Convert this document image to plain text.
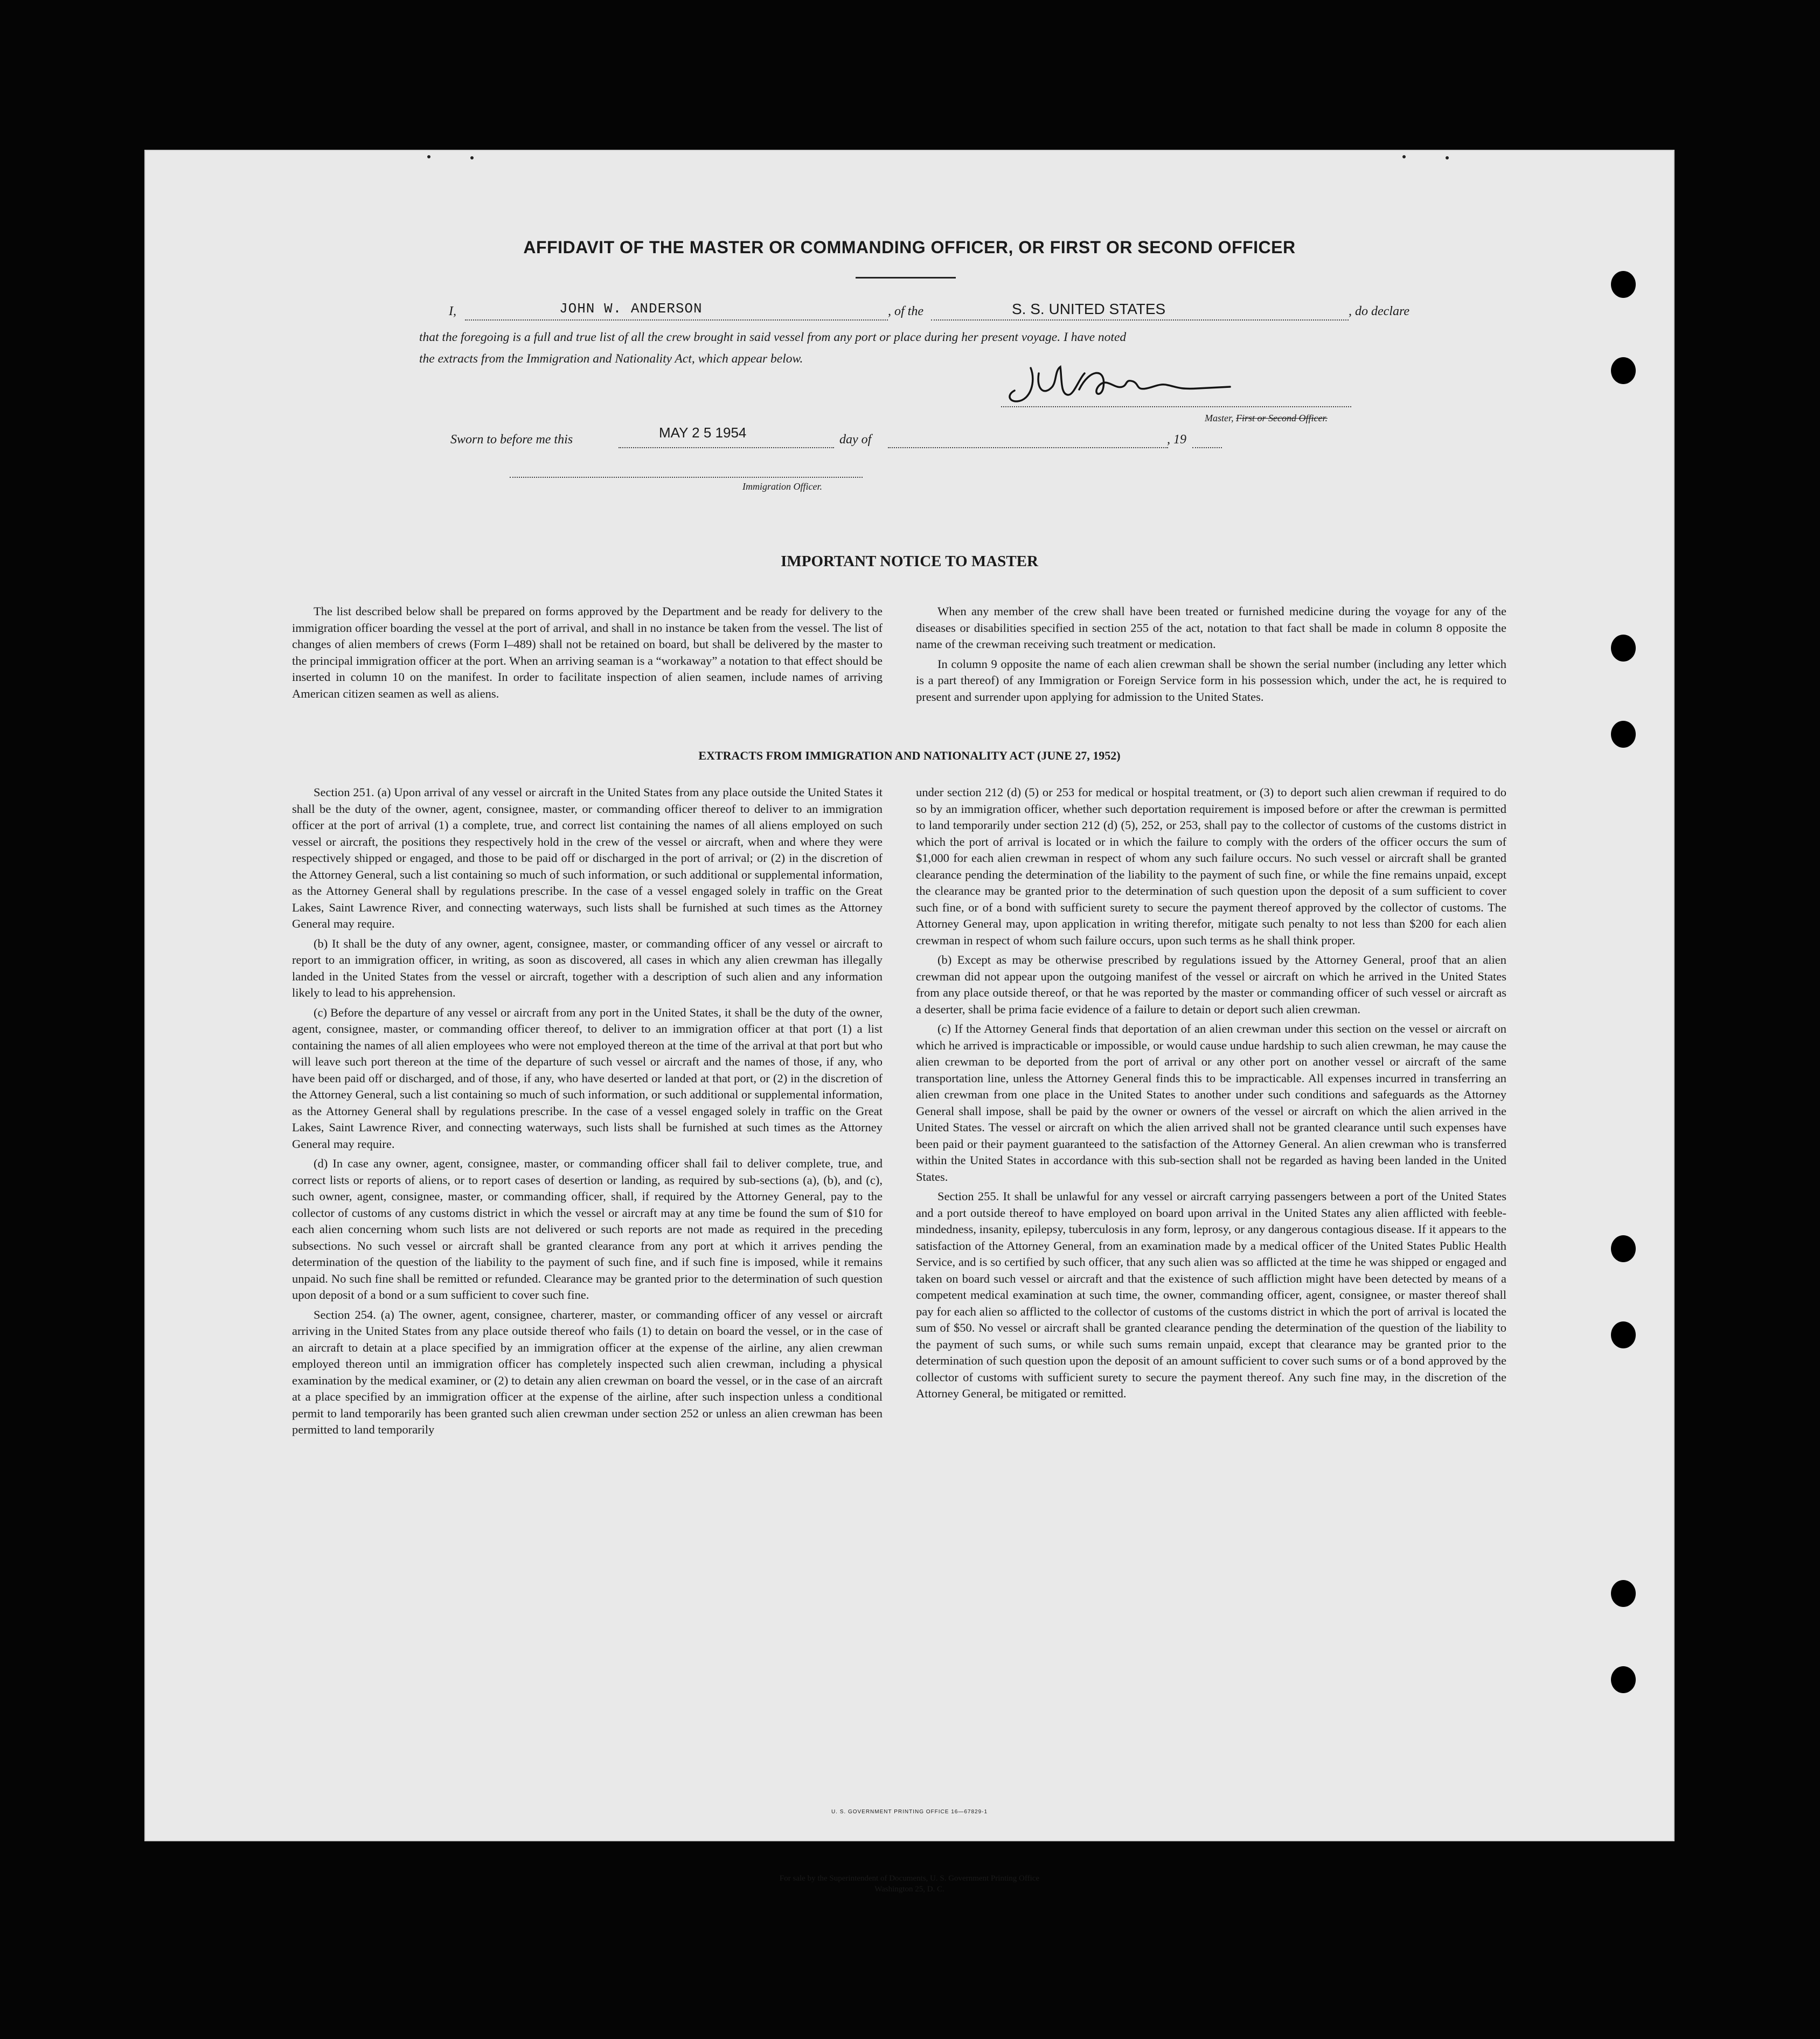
AFFIDAVIT OF THE MASTER OR COMMANDING OFFICER, OR FIRST OR SECOND OFFICER
I,	JOHN W. ANDERSON	, of the	S. S. UNITED STATES	, do declare
that the foregoing is a full and true list of all the crew brought in said vessel from any port or place during her present voyage. I have noted
the extracts from the Immigration and Nationality Act, which appear below.
Master, First or Second Officer.
Sworn to before me this	MAY 2 5 1954	day of	, 19
Immigration Officer.
IMPORTANT NOTICE TO MASTER

The list described below shall be prepared on forms approved by the Department and be ready for delivery to the immigration officer boarding the vessel at the port of arrival, and shall in no instance be taken from the vessel. The list of changes of alien members of crews (Form I–489) shall not be retained on board, but shall be delivered by the master to the principal immigration officer at the port. When an arriving seaman is a “workaway” a notation to that effect should be inserted in column 10 on the manifest. In order to facilitate inspection of alien seamen, include names of arriving American citizen seamen as well as aliens.

When any member of the crew shall have been treated or furnished medicine during the voyage for any of the diseases or disabilities specified in section 255 of the act, notation to that fact shall be made in column 8 opposite the name of the crewman receiving such treatment or medication.

In column 9 opposite the name of each alien crewman shall be shown the serial number (including any letter which is a part thereof) of any Immigration or Foreign Service form in his possession which, under the act, he is required to present and surrender upon applying for admission to the United States.

EXTRACTS FROM IMMIGRATION AND NATIONALITY ACT (JUNE 27, 1952)

Section 251. (a) Upon arrival of any vessel or aircraft in the United States from any place outside the United States it shall be the duty of the owner, agent, consignee, master, or commanding officer thereof to deliver to an immigration officer at the port of arrival (1) a complete, true, and correct list containing the names of all aliens employed on such vessel or aircraft, the positions they respectively hold in the crew of the vessel or aircraft, when and where they were respectively shipped or engaged, and those to be paid off or discharged in the port of arrival; or (2) in the discretion of the Attorney General, such a list containing so much of such information, or such additional or supplemental information, as the Attorney General shall by regulations prescribe. In the case of a vessel engaged solely in traffic on the Great Lakes, Saint Lawrence River, and connecting waterways, such lists shall be furnished at such times as the Attorney General may require.

(b) It shall be the duty of any owner, agent, consignee, master, or commanding officer of any vessel or aircraft to report to an immigration officer, in writing, as soon as discovered, all cases in which any alien crewman has illegally landed in the United States from the vessel or aircraft, together with a description of such alien and any information likely to lead to his apprehension.

(c) Before the departure of any vessel or aircraft from any port in the United States, it shall be the duty of the owner, agent, consignee, master, or commanding officer thereof, to deliver to an immigration officer at that port (1) a list containing the names of all alien employees who were not employed thereon at the time of the arrival at that port but who will leave such port thereon at the time of the departure of such vessel or aircraft and the names of those, if any, who have been paid off or discharged, and of those, if any, who have deserted or landed at that port, or (2) in the discretion of the Attorney General, such a list containing so much of such information, or such additional or supplemental information, as the Attorney General shall by regulations prescribe. In the case of a vessel engaged solely in traffic on the Great Lakes, Saint Lawrence River, and connecting waterways, such lists shall be furnished at such times as the Attorney General may require.

(d) In case any owner, agent, consignee, master, or commanding officer shall fail to deliver complete, true, and correct lists or reports of aliens, or to report cases of desertion or landing, as required by sub-sections (a), (b), and (c), such owner, agent, consignee, master, or commanding officer, shall, if required by the Attorney General, pay to the collector of customs of any customs district in which the vessel or aircraft may at any time be found the sum of $10 for each alien concerning whom such lists are not delivered or such reports are not made as required in the preceding subsections. No such vessel or aircraft shall be granted clearance from any port at which it arrives pending the determination of the question of the liability to the payment of such fine, and if such fine is imposed, while it remains unpaid. No such fine shall be remitted or refunded. Clearance may be granted prior to the determination of such question upon deposit of a bond or a sum sufficient to cover such fine.

Section 254. (a) The owner, agent, consignee, charterer, master, or commanding officer of any vessel or aircraft arriving in the United States from any place outside thereof who fails (1) to detain on board the vessel, or in the case of an aircraft to detain at a place specified by an immigration officer at the expense of the airline, any alien crewman employed thereon until an immigration officer has completely inspected such alien crewman, including a physical examination by the medical examiner, or (2) to detain any alien crewman on board the vessel, or in the case of an aircraft at a place specified by an immigration officer at the expense of the airline, after such inspection unless a conditional permit to land temporarily has been granted such alien crewman under section 252 or unless an alien crewman has been permitted to land temporarily

under section 212 (d) (5) or 253 for medical or hospital treatment, or (3) to deport such alien crewman if required to do so by an immigration officer, whether such deportation requirement is imposed before or after the crewman is permitted to land temporarily under section 212 (d) (5), 252, or 253, shall pay to the collector of customs of the customs district in which the port of arrival is located or in which the failure to comply with the orders of the officer occurs the sum of $1,000 for each alien crewman in respect of whom any such failure occurs. No such vessel or aircraft shall be granted clearance pending the determination of the liability to the payment of such fine, or while the fine remains unpaid, except the clearance may be granted prior to the determination of such question upon the deposit of a sum sufficient to cover such fine, or of a bond with sufficient surety to secure the payment thereof approved by the collector of customs. The Attorney General may, upon application in writing therefor, mitigate such penalty to not less than $200 for each alien crewman in respect of whom such failure occurs, upon such terms as he shall think proper.

(b) Except as may be otherwise prescribed by regulations issued by the Attorney General, proof that an alien crewman did not appear upon the outgoing manifest of the vessel or aircraft on which he arrived in the United States from any place outside thereof, or that he was reported by the master or commanding officer of such vessel or aircraft as a deserter, shall be prima facie evidence of a failure to detain or deport such alien crewman.

(c) If the Attorney General finds that deportation of an alien crewman under this section on the vessel or aircraft on which he arrived is impracticable or impossible, or would cause undue hardship to such alien crewman, he may cause the alien crewman to be deported from the port of arrival or any other port on another vessel or aircraft of the same transportation line, unless the Attorney General finds this to be impracticable. All expenses incurred in transferring an alien crewman from one place in the United States to another under such conditions and safeguards as the Attorney General shall impose, shall be paid by the owner or owners of the vessel or aircraft on which the alien arrived in the United States. The vessel or aircraft on which the alien arrived shall not be granted clearance until such expenses have been paid or their payment guaranteed to the satisfaction of the Attorney General. An alien crewman who is transferred within the United States in accordance with this sub-section shall not be regarded as having been landed in the United States.

Section 255. It shall be unlawful for any vessel or aircraft carrying passengers between a port of the United States and a port outside thereof to have employed on board upon arrival in the United States any alien afflicted with feeble-mindedness, insanity, epilepsy, tuberculosis in any form, leprosy, or any dangerous contagious disease. If it appears to the satisfaction of the Attorney General, from an examination made by a medical officer of the United States Public Health Service, and is so certified by such officer, that any such alien was so afflicted at the time he was shipped or engaged and taken on board such vessel or aircraft and that the existence of such affliction might have been detected by means of a competent medical examination at such time, the owner, commanding officer, agent, consignee, or master thereof shall pay for each alien so afflicted to the collector of customs of the customs district in which the port of arrival is located the sum of $50. No vessel or aircraft shall be granted clearance pending the determination of the question of the liability to the payment of such sums, or while such sums remain unpaid, except that clearance may be granted prior to the determination of such question upon the deposit of an amount sufficient to cover such sums or of a bond approved by the collector of customs with sufficient surety to secure the payment thereof. Any such fine may, in the discretion of the Attorney General, be mitigated or remitted.

U. S. GOVERNMENT PRINTING OFFICE 16—67829-1
For sale by the Superintendent of Documents, U. S. Government Printing Office
Washington 25, D. C.
